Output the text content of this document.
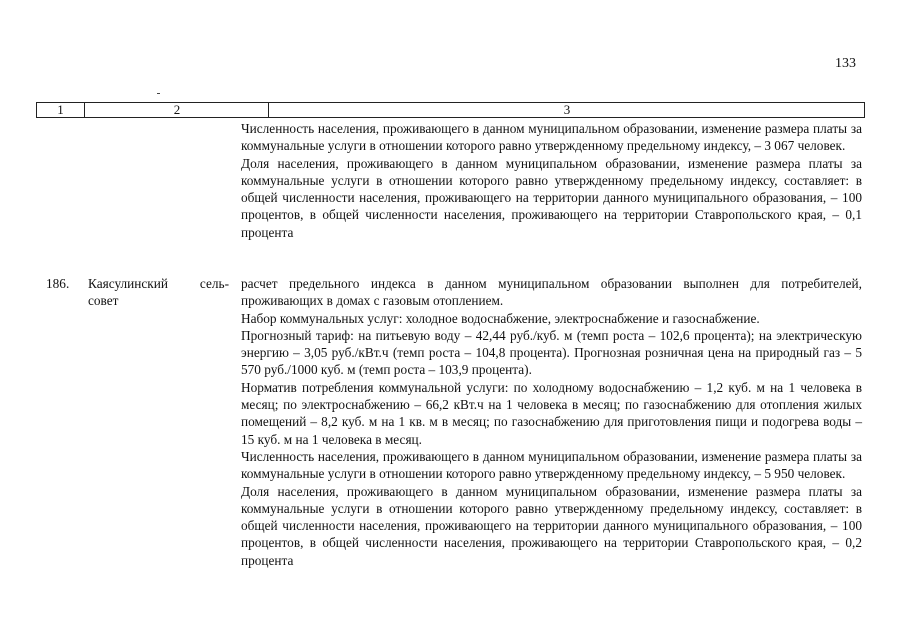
133
1	2	3

Численность населения, проживающего в данном муниципальном образовании, изменение размера платы за коммунальные услуги в отношении которого равно утвержденному предельному индексу, – 3 067 человек.

Доля населения, проживающего в данном муниципальном образовании, изменение размера платы за коммунальные услуги в отношении которого равно утвержденному предельному индексу, составляет: в общей численности населения, проживающего на территории данного муниципального образования, – 100 процентов, в общей численности населения, проживающего на территории Ставропольского края, – 0,1 процента

186. Каясулинский сель-
совет

расчет предельного индекса в данном муниципальном образовании выполнен для потребителей, проживающих в домах с газовым отоплением.

Набор коммунальных услуг: холодное водоснабжение, электроснабжение и газоснабжение.

Прогнозный тариф: на питьевую воду – 42,44 руб./куб. м (темп роста – 102,6 процента); на электрическую энергию – 3,05 руб./кВт.ч (темп роста – 104,8 процента). Прогнозная розничная цена на природный газ – 5 570 руб./1000 куб. м (темп роста – 103,9 процента).

Норматив потребления коммунальной услуги: по холодному водоснабжению – 1,2 куб. м на 1 человека в месяц; по электроснабжению – 66,2 кВт.ч на 1 человека в месяц; по газоснабжению для отопления жилых помещений – 8,2 куб. м на 1 кв. м в месяц; по газоснабжению для приготовления пищи и подогрева воды – 15 куб. м на 1 человека в месяц.

Численность населения, проживающего в данном муниципальном образовании, изменение размера платы за коммунальные услуги в отношении которого равно утвержденному предельному индексу, – 5 950 человек.

Доля населения, проживающего в данном муниципальном образовании, изменение размера платы за коммунальные услуги в отношении которого равно утвержденному предельному индексу, составляет: в общей численности населения, проживающего на территории данного муниципального образования, – 100 процентов, в общей численности населения, проживающего на территории Ставропольского края, – 0,2 процента
